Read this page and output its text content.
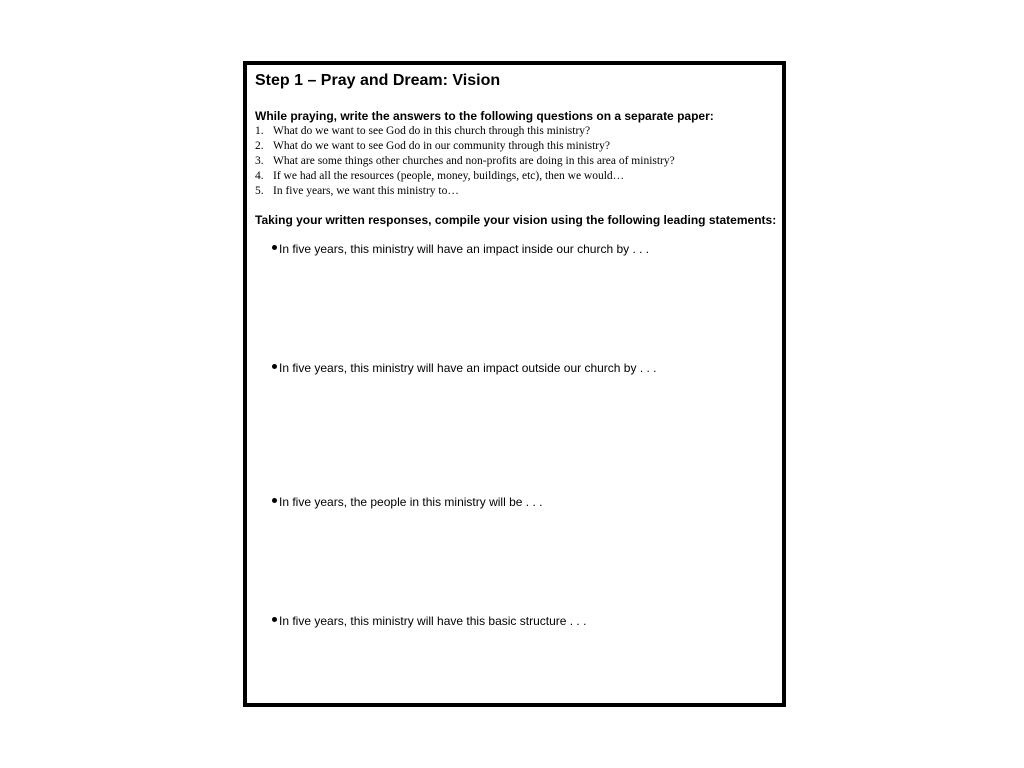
Step 1 – Pray and Dream: Vision

While praying, write the answers to the following questions on a separate paper:

1. What do we want to see God do in this church through this ministry?
2. What do we want to see God do in our community through this ministry?
3. What are some things other churches and non-profits are doing in this area of ministry?
4. If we had all the resources (people, money, buildings, etc), then we would…
5. In five years, we want this ministry to…

Taking your written responses, compile your vision using the following leading statements:

In five years, this ministry will have an impact inside our church by . . .
In five years, this ministry will have an impact outside our church by . . .
In five years, the people in this ministry will be . . .
In five years, this ministry will have this basic structure . . .
